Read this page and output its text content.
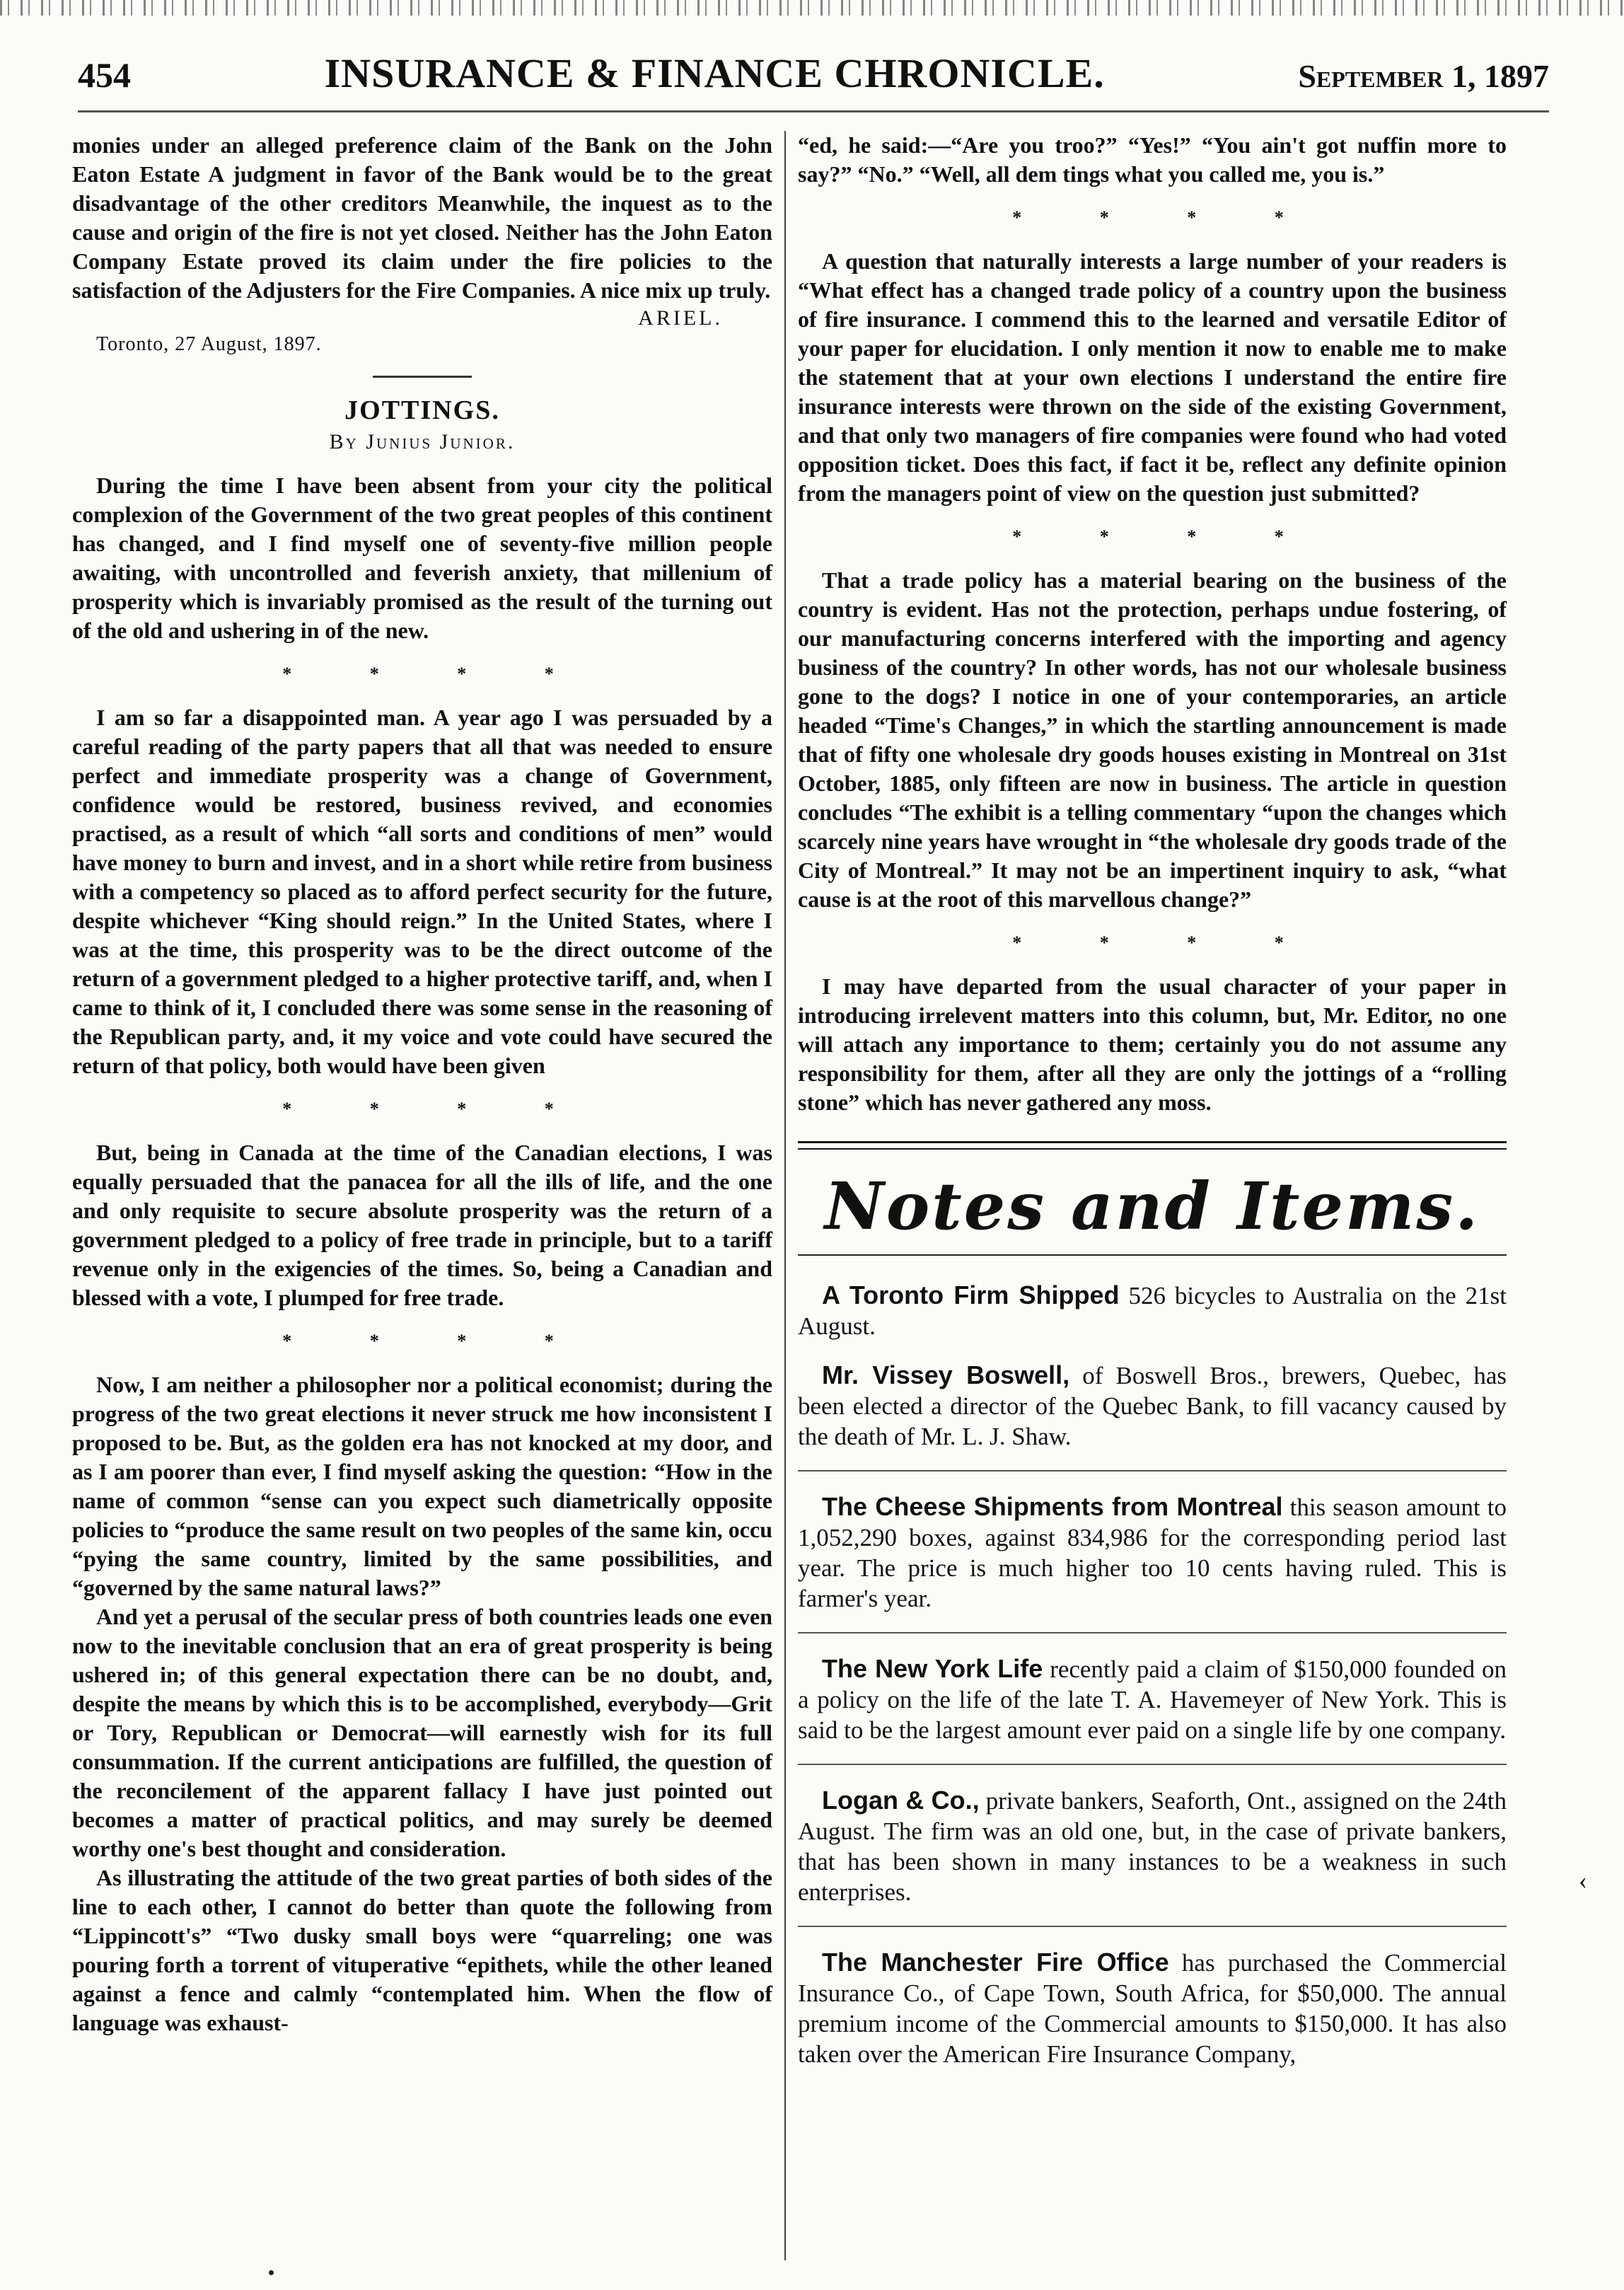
454	INSURANCE & FINANCE CHRONICLE.	September 1, 1897

monies under an alleged preference claim of the Bank on the John Eaton Estate A judgment in favor of the Bank would be to the great disadvantage of the other creditors Meanwhile, the inquest as to the cause and origin of the fire is not yet closed. Neither has the John Eaton Company Estate proved its claim under the fire policies to the satisfaction of the Adjusters for the Fire Companies. A nice mix up truly.

ARIEL.
Toronto, 27 August, 1897.
JOTTINGS.
By Junius Junior.

During the time I have been absent from your city the political complexion of the Government of the two great peoples of this continent has changed, and I find myself one of seventy-five million people awaiting, with uncontrolled and feverish anxiety, that millenium of prosperity which is invariably promised as the result of the turning out of the old and ushering in of the new.

* * * *

I am so far a disappointed man. A year ago I was persuaded by a careful reading of the party papers that all that was needed to ensure perfect and immediate prosperity was a change of Government, confidence would be restored, business revived, and economies practised, as a result of which “all sorts and conditions of men” would have money to burn and invest, and in a short while retire from business with a competency so placed as to afford perfect security for the future, despite whichever “King should reign.” In the United States, where I was at the time, this prosperity was to be the direct outcome of the return of a government pledged to a higher protective tariff, and, when I came to think of it, I concluded there was some sense in the reasoning of the Republican party, and, it my voice and vote could have secured the return of that policy, both would have been given

* * * *

But, being in Canada at the time of the Canadian elections, I was equally persuaded that the panacea for all the ills of life, and the one and only requisite to secure absolute prosperity was the return of a government pledged to a policy of free trade in principle, but to a tariff revenue only in the exigencies of the times. So, being a Canadian and blessed with a vote, I plumped for free trade.

* * * *

Now, I am neither a philosopher nor a political economist; during the progress of the two great elections it never struck me how inconsistent I proposed to be. But, as the golden era has not knocked at my door, and as I am poorer than ever, I find myself asking the question: “How in the name of common “sense can you expect such diametrically opposite policies to “produce the same result on two peoples of the same kin, occu “pying the same country, limited by the same possibilities, and “governed by the same natural laws?”

And yet a perusal of the secular press of both countries leads one even now to the inevitable conclusion that an era of great prosperity is being ushered in; of this general expectation there can be no doubt, and, despite the means by which this is to be accomplished, everybody—Grit or Tory, Republican or Democrat—will earnestly wish for its full consummation. If the current anticipations are fulfilled, the question of the reconcilement of the apparent fallacy I have just pointed out becomes a matter of practical politics, and may surely be deemed worthy one's best thought and consideration.

As illustrating the attitude of the two great parties of both sides of the line to each other, I cannot do better than quote the following from “Lippincott's” “Two dusky small boys were “quarreling; one was pouring forth a torrent of vituperative “epithets, while the other leaned against a fence and calmly “contemplated him. When the flow of language was exhaust-

“ed, he said:—“Are you troo?” “Yes!” “You ain't got nuffin more to say?” “No.” “Well, all dem tings what you called me, you is.”

* * * *

A question that naturally interests a large number of your readers is “What effect has a changed trade policy of a country upon the business of fire insurance. I commend this to the learned and versatile Editor of your paper for elucidation. I only mention it now to enable me to make the statement that at your own elections I understand the entire fire insurance interests were thrown on the side of the existing Government, and that only two managers of fire companies were found who had voted opposition ticket. Does this fact, if fact it be, reflect any definite opinion from the managers point of view on the question just submitted?

* * * *

That a trade policy has a material bearing on the business of the country is evident. Has not the protection, perhaps undue fostering, of our manufacturing concerns interfered with the importing and agency business of the country? In other words, has not our wholesale business gone to the dogs? I notice in one of your contemporaries, an article headed “Time's Changes,” in which the startling announcement is made that of fifty one wholesale dry goods houses existing in Montreal on 31st October, 1885, only fifteen are now in business. The article in question concludes “The exhibit is a telling commentary “upon the changes which scarcely nine years have wrought in “the wholesale dry goods trade of the City of Montreal.” It may not be an impertinent inquiry to ask, “what cause is at the root of this marvellous change?”

* * * *

I may have departed from the usual character of your paper in introducing irrelevent matters into this column, but, Mr. Editor, no one will attach any importance to them; certainly you do not assume any responsibility for them, after all they are only the jottings of a “rolling stone” which has never gathered any moss.

Notes and Items.

A Toronto Firm Shipped 526 bicycles to Australia on the 21st August.

Mr. Vissey Boswell, of Boswell Bros., brewers, Quebec, has been elected a director of the Quebec Bank, to fill vacancy caused by the death of Mr. L. J. Shaw.

The Cheese Shipments from Montreal this season amount to 1,052,290 boxes, against 834,986 for the corresponding period last year. The price is much higher too 10 cents having ruled. This is farmer's year.

The New York Life recently paid a claim of $150,000 founded on a policy on the life of the late T. A. Havemeyer of New York. This is said to be the largest amount ever paid on a single life by one company.

Logan & Co., private bankers, Seaforth, Ont., assigned on the 24th August. The firm was an old one, but, in the case of private bankers, that has been shown in many instances to be a weakness in such enterprises.

The Manchester Fire Office has purchased the Commercial Insurance Co., of Cape Town, South Africa, for $50,000. The annual premium income of the Commercial amounts to $150,000. It has also taken over the American Fire Insurance Company,

‹
